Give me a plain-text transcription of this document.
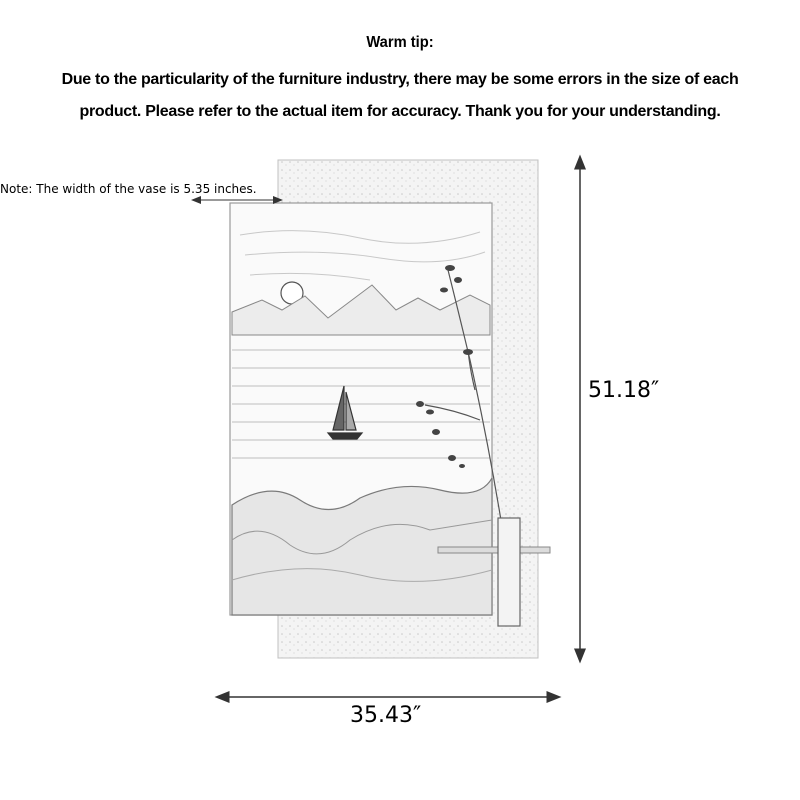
Warm tip:
Due to the particularity of the furniture industry, there may be some errors in the size of each
product. Please refer to the actual item for accuracy. Thank you for your understanding.
Note: The width of the vase is 5.35 inches.
51.18″
35.43″
